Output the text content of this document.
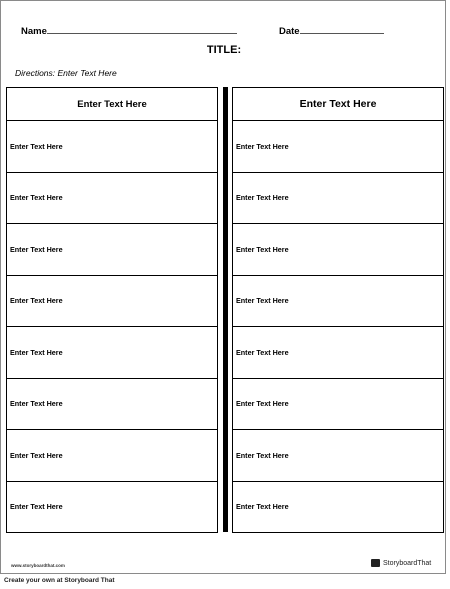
Name	Date
TITLE:
Directions: Enter Text Here
Enter Text Here
Enter Text Here
Enter Text Here
Enter Text Here
Enter Text Here
Enter Text Here
Enter Text Here
Enter Text Here
Enter Text Here
Enter Text Here
Enter Text Here
Enter Text Here
Enter Text Here
Enter Text Here
Enter Text Here
Enter Text Here
Enter Text Here
Enter Text Here
www.storyboardthat.com	StoryboardThat
Create your own at Storyboard That
